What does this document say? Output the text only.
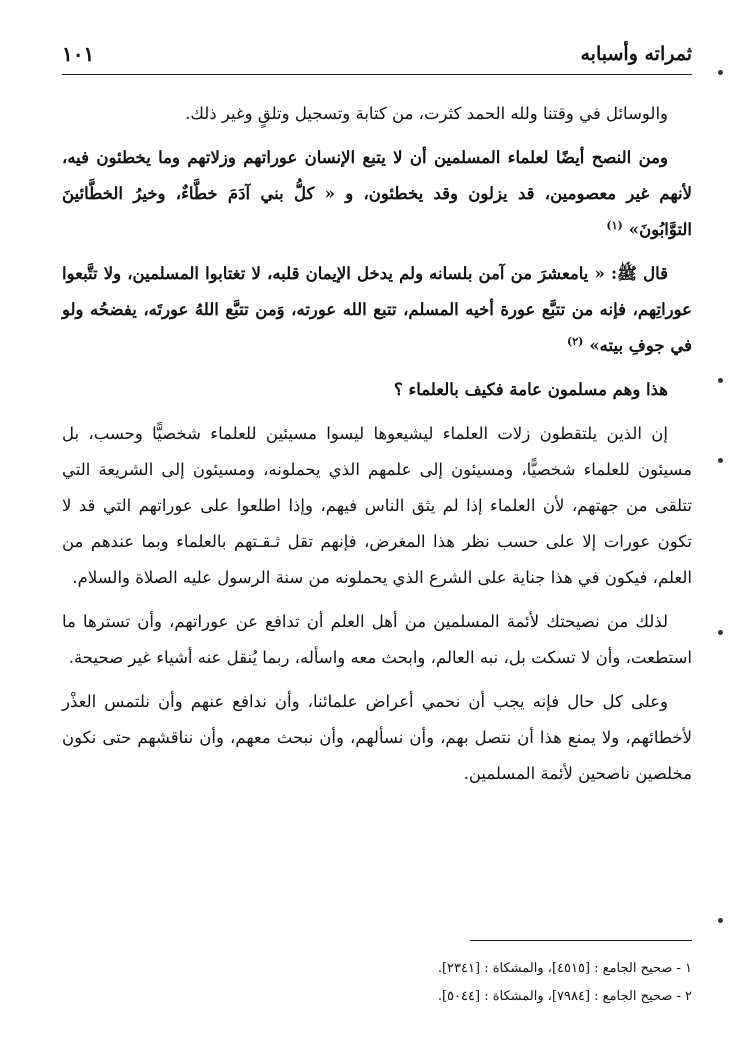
ثمراته وأسبابه
١٠١

والوسائل في وقتنا ولله الحمد كثرت، من كتابة وتسجيل وتلقٍ وغير ذلك.

ومن النصح أيضًا لعلماء المسلمين أن لا يتبع الإنسان عوراتهم وزلاتهم وما يخطئون فيه، لأنهم غير معصومين، قد يزلون وقد يخطئون، و « كلُّ بني آدَمَ خطَّاءٌ، وخيرُ الخطَّائينَ التوَّابُونَ»$^{(١)}$

قال ﷺ: « يامعشرَ من آمن بلسانه ولم يدخل الإيمان قلبه، لا تغتابوا المسلمين، ولا تتَّبعوا عوراتِهم، فإنه من تتبَّع عورة أخيه المسلم، تتبع الله عورته، وَمن تتبَّع اللهُ عورتَه، يفضحُه ولو في جوفِ بيته»$^{(٢)}$

هذا وهم مسلمون عامة فكيف بالعلماء ؟

إن الذين يلتقطون زلات العلماء ليشيعوها ليسوا مسيئين للعلماء شخصيًّا وحسب، بل مسيئون للعلماء شخصيًّا، ومسيئون إلى علمهم الذي يحملونه، ومسيئون إلى الشريعة التي تتلقى من جهتهم، لأن العلماء إذا لم يثق الناس فيهم، وإذا اطلعوا على عوراتهم التي قد لا تكون عورات إلا على حسب نظر هذا المغرض، فإنهم تقل ثـقـتهم بالعلماء وبما عندهم من العلم، فيكون في هذا جناية على الشرع الذي يحملونه من سنة الرسول عليه الصلاة والسلام.

لذلك من نصيحتك لأئمة المسلمين من أهل العلم أن تدافع عن عوراتهم، وأن تسترها ما استطعت، وأن لا تسكت بل، نبه العالم، وابحث معه واسأله، ربما يُنقل عنه أشياء غير صحيحة.

وعلى كل حال فإنه يجب أن نحمي أعراض علمائنا، وأن ندافع عنهم وأن نلتمس العذْر لأخطائهم، ولا يمنع هذا أن نتصل بهم، وأن نسألهم، وأن نبحث معهم، وأن نناقشهم حتى نكون مخلصين ناصحين لأئمة المسلمين.

١ - صحيح الجامع : [٤٥١٥]، والمشكاة : [٢٣٤١].
٢ - صحيح الجامع : [٧٩٨٤]، والمشكاة : [٥٠٤٤].
